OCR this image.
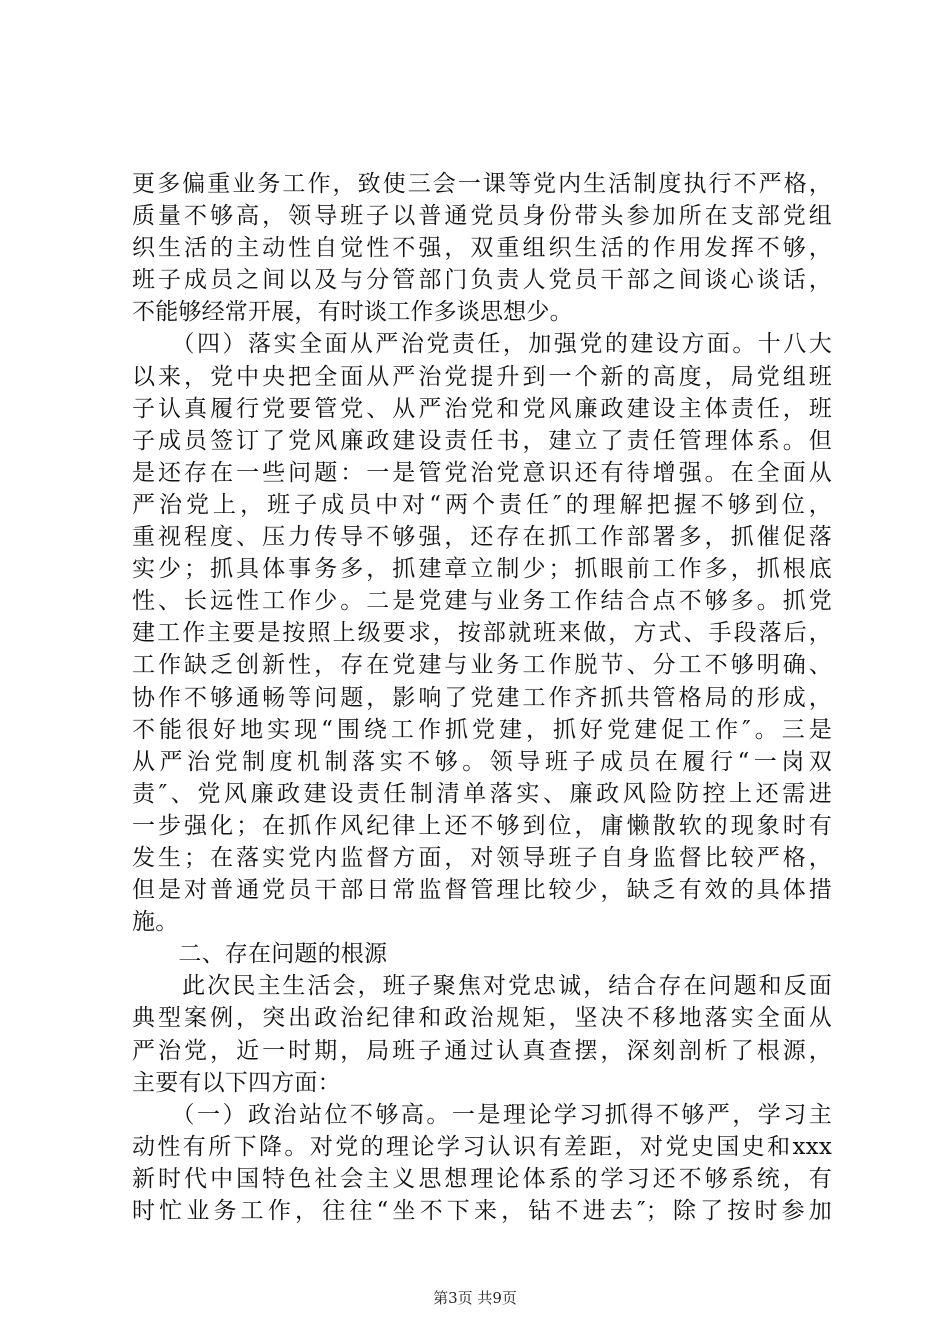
更多偏重业务工作，致使三会一课等党内生活制度执行不严格，
质量不够高，领导班子以普通党员身份带头参加所在支部党组
织生活的主动性自觉性不强，双重组织生活的作用发挥不够，
班子成员之间以及与分管部门负责人党员干部之间谈心谈话，
不能够经常开展，有时谈工作多谈思想少。
　　（四）落实全面从严治党责任，加强党的建设方面。十八大
以来，党中央把全面从严治党提升到一个新的高度，局党组班
子认真履行党要管党、从严治党和党风廉政建设主体责任，班
子成员签订了党风廉政建设责任书，建立了责任管理体系。但
是还存在一些问题：一是管党治党意识还有待增强。在全面从
严治党上，班子成员中对“两个责任″的理解把握不够到位，
重视程度、压力传导不够强，还存在抓工作部署多，抓催促落
实少；抓具体事务多，抓建章立制少；抓眼前工作多，抓根底
性、长远性工作少。二是党建与业务工作结合点不够多。抓党
建工作主要是按照上级要求，按部就班来做，方式、手段落后，
工作缺乏创新性，存在党建与业务工作脱节、分工不够明确、
协作不够通畅等问题，影响了党建工作齐抓共管格局的形成，
不能很好地实现“围绕工作抓党建，抓好党建促工作″。三是
从严治党制度机制落实不够。领导班子成员在履行“一岗双
责″、党风廉政建设责任制清单落实、廉政风险防控上还需进
一步强化；在抓作风纪律上还不够到位，庸懒散软的现象时有
发生；在落实党内监督方面，对领导班子自身监督比较严格，
但是对普通党员干部日常监督管理比较少，缺乏有效的具体措
施。
　　二、存在问题的根源
　　此次民主生活会，班子聚焦对党忠诚，结合存在问题和反面
典型案例，突出政治纪律和政治规矩，坚决不移地落实全面从
严治党，近一时期，局班子通过认真查摆，深刻剖析了根源，
主要有以下四方面：
　　（一）政治站位不够高。一是理论学习抓得不够严，学习主
动性有所下降。对党的理论学习认识有差距，对党史国史和xxx
新时代中国特色社会主义思想理论体系的学习还不够系统，有
时忙业务工作，往往“坐不下来，钻不进去″；除了按时参加
第3页 共9页
